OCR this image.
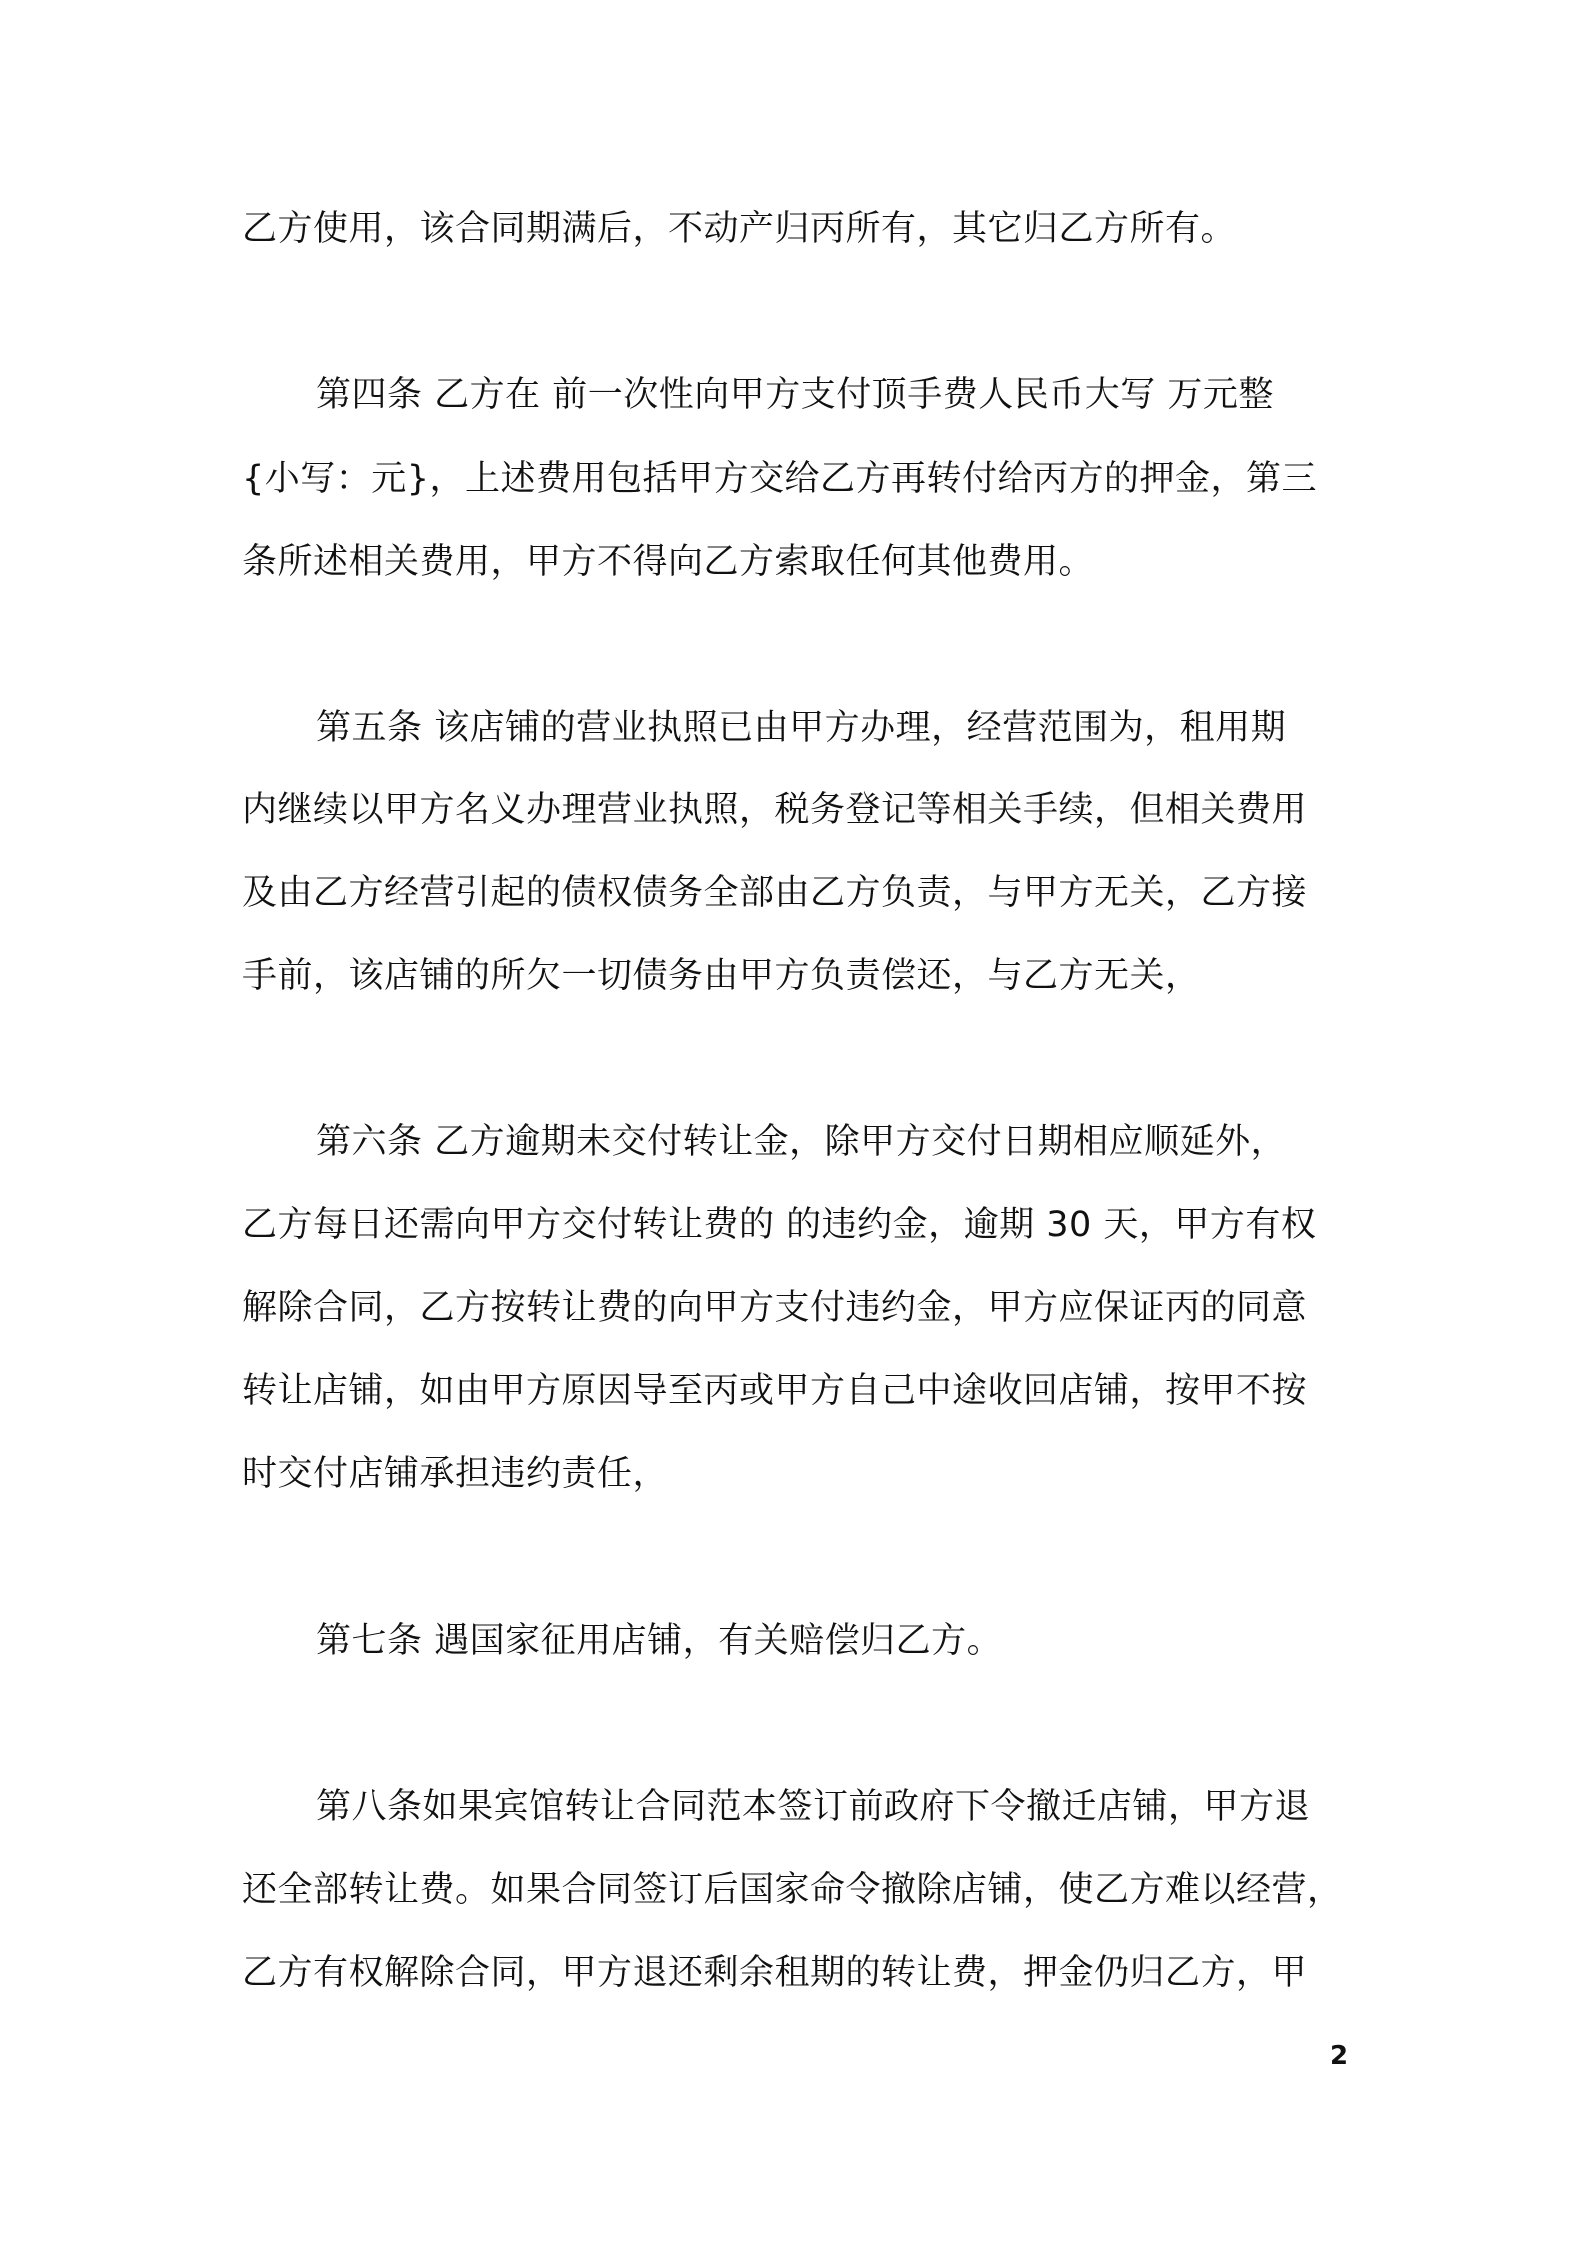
乙方使用，该合同期满后，不动产归丙所有，其它归乙方所有。
第四条 乙方在 前一次性向甲方支付顶手费人民币大写 万元整
{小写：元}，上述费用包括甲方交给乙方再转付给丙方的押金，第三
条所述相关费用，甲方不得向乙方索取任何其他费用。
第五条 该店铺的营业执照已由甲方办理，经营范围为，租用期
内继续以甲方名义办理营业执照，税务登记等相关手续，但相关费用
及由乙方经营引起的债权债务全部由乙方负责，与甲方无关，乙方接
手前，该店铺的所欠一切债务由甲方负责偿还，与乙方无关，
第六条 乙方逾期未交付转让金，除甲方交付日期相应顺延外，
乙方每日还需向甲方交付转让费的 的违约金，逾期 30 天，甲方有权
解除合同，乙方按转让费的向甲方支付违约金，甲方应保证丙的同意
转让店铺，如由甲方原因导至丙或甲方自己中途收回店铺，按甲不按
时交付店铺承担违约责任，
第七条 遇国家征用店铺，有关赔偿归乙方。
第八条如果宾馆转让合同范本签订前政府下令撤迁店铺，甲方退
还全部转让费。如果合同签订后国家命令撤除店铺，使乙方难以经营，
乙方有权解除合同，甲方退还剩余租期的转让费，押金仍归乙方，甲
2
